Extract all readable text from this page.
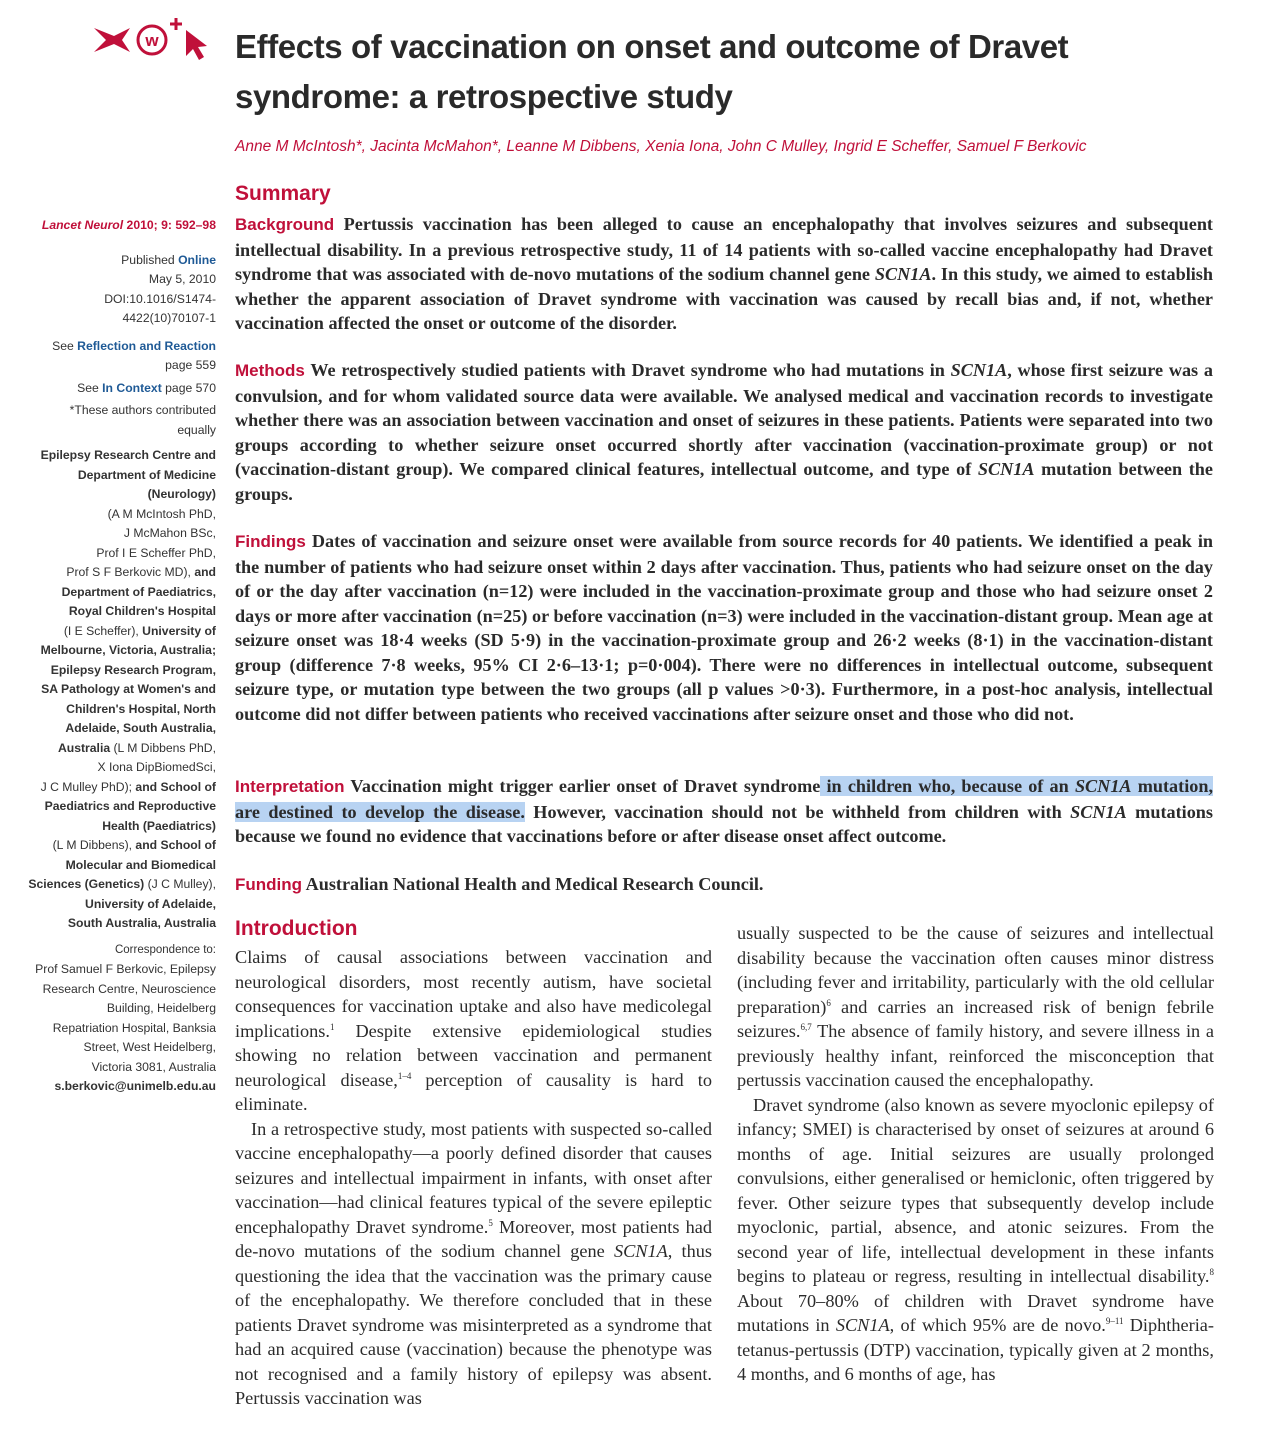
w Effects of vaccination on onset and outcome of Dravet syndrome: a retrospective study
Anne M McIntosh*, Jacinta McMahon*, Leanne M Dibbens, Xenia Iona, John C Mulley, Ingrid E Scheffer, Samuel F Berkovic
Lancet Neurol 2010; 9: 592–98
Published Online
May 5, 2010
DOI:10.1016/S1474-
4422(10)70107-1
See Reflection and Reaction
page 559
See In Context page 570
*These authors contributed
equally
Epilepsy Research Centre and
Department of Medicine
(Neurology)
(A M McIntosh PhD,
J McMahon BSc,
Prof I E Scheffer PhD,
Prof S F Berkovic MD), and
Department of Paediatrics,
Royal Children's Hospital
(I E Scheffer), University of
Melbourne, Victoria, Australia;
Epilepsy Research Program,
SA Pathology at Women's and
Children's Hospital, North
Adelaide, South Australia,
Australia (L M Dibbens PhD,
X Iona DipBiomedSci,
J C Mulley PhD); and School of
Paediatrics and Reproductive
Health (Paediatrics)
(L M Dibbens), and School of
Molecular and Biomedical
Sciences (Genetics) (J C Mulley),
University of Adelaide,
South Australia, Australia
Correspondence to:
Prof Samuel F Berkovic, Epilepsy
Research Centre, Neuroscience
Building, Heidelberg
Repatriation Hospital, Banksia
Street, West Heidelberg,
Victoria 3081, Australia
s.berkovic@unimelb.edu.au
Summary
Background Pertussis vaccination has been alleged to cause an encephalopathy that involves seizures and subsequent intellectual disability. In a previous retrospective study, 11 of 14 patients with so-called vaccine encephalopathy had Dravet syndrome that was associated with de-novo mutations of the sodium channel gene SCN1A. In this study, we aimed to establish whether the apparent association of Dravet syndrome with vaccination was caused by recall bias and, if not, whether vaccination affected the onset or outcome of the disorder.
Methods We retrospectively studied patients with Dravet syndrome who had mutations in SCN1A, whose first seizure was a convulsion, and for whom validated source data were available. We analysed medical and vaccination records to investigate whether there was an association between vaccination and onset of seizures in these patients. Patients were separated into two groups according to whether seizure onset occurred shortly after vaccination (vaccination-proximate group) or not (vaccination-distant group). We compared clinical features, intellectual outcome, and type of SCN1A mutation between the groups.
Findings Dates of vaccination and seizure onset were available from source records for 40 patients. We identified a peak in the number of patients who had seizure onset within 2 days after vaccination. Thus, patients who had seizure onset on the day of or the day after vaccination (n=12) were included in the vaccination-proximate group and those who had seizure onset 2 days or more after vaccination (n=25) or before vaccination (n=3) were included in the vaccination-distant group. Mean age at seizure onset was 18·4 weeks (SD 5·9) in the vaccination-proximate group and 26·2 weeks (8·1) in the vaccination-distant group (difference 7·8 weeks, 95% CI 2·6–13·1; p=0·004). There were no differences in intellectual outcome, subsequent seizure type, or mutation type between the two groups (all p values >0·3). Furthermore, in a post-hoc analysis, intellectual outcome did not differ between patients who received vaccinations after seizure onset and those who did not.
Interpretation Vaccination might trigger earlier onset of Dravet syndrome in children who, because of an SCN1A mutation, are destined to develop the disease. However, vaccination should not be withheld from children with SCN1A mutations because we found no evidence that vaccinations before or after disease onset affect outcome.
Funding Australian National Health and Medical Research Council.
Introduction

Claims of causal associations between vaccination and neurological disorders, most recently autism, have societal consequences for vaccination uptake and also have medicolegal implications.$^1$ Despite extensive epidemiological studies showing no relation between vaccination and permanent neurological disease,$^{1-4}$ perception of causality is hard to eliminate.

In a retrospective study, most patients with suspected so-called vaccine encephalopathy—a poorly defined disorder that causes seizures and intellectual impairment in infants, with onset after vaccination—had clinical features typical of the severe epileptic encephalopathy Dravet syndrome.$^5$ Moreover, most patients had de-novo mutations of the sodium channel gene SCN1A, thus questioning the idea that the vaccination was the primary cause of the encephalopathy. We therefore concluded that in these patients Dravet syndrome was misinterpreted as a syndrome that had an acquired cause (vaccination) because the phenotype was not recognised and a family history of epilepsy was absent. Pertussis vaccination was

usually suspected to be the cause of seizures and intellectual disability because the vaccination often causes minor distress (including fever and irritability, particularly with the old cellular preparation)$^6$ and carries an increased risk of benign febrile seizures.$^{6,7}$ The absence of family history, and severe illness in a previously healthy infant, reinforced the misconception that pertussis vaccination caused the encephalopathy.

Dravet syndrome (also known as severe myoclonic epilepsy of infancy; SMEI) is characterised by onset of seizures at around 6 months of age. Initial seizures are usually prolonged convulsions, either generalised or hemiclonic, often triggered by fever. Other seizure types that subsequently develop include myoclonic, partial, absence, and atonic seizures. From the second year of life, intellectual development in these infants begins to plateau or regress, resulting in intellectual disability.$^8$ About 70–80% of children with Dravet syndrome have mutations in SCN1A, of which 95% are de novo.$^{9-11}$ Diphtheria-tetanus-pertussis (DTP) vaccination, typically given at 2 months, 4 months, and 6 months of age, has
